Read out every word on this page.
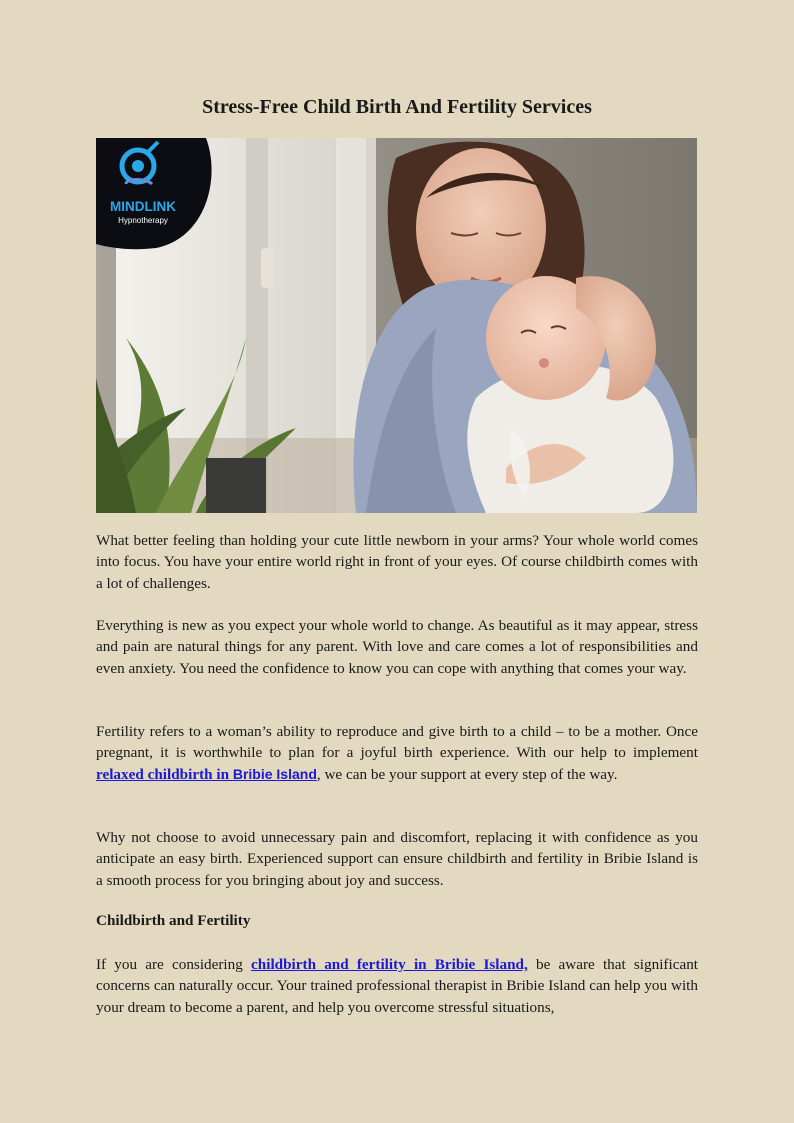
Stress-Free Child Birth And Fertility Services
MINDLINK
Hypnotherapy

What better feeling than holding your cute little newborn in your arms? Your whole world comes into focus. You have your entire world right in front of your eyes. Of course childbirth comes with a lot of challenges.

Everything is new as you expect your whole world to change. As beautiful as it may appear, stress and pain are natural things for any parent. With love and care comes a lot of responsibilities and even anxiety. You need the confidence to know you can cope with anything that comes your way.

Fertility refers to a woman’s ability to reproduce and give birth to a child – to be a mother. Once pregnant, it is worthwhile to plan for a joyful birth experience. With our help to implement relaxed childbirth in Bribie Island, we can be your support at every step of the way.

Why not choose to avoid unnecessary pain and discomfort, replacing it with confidence as you anticipate an easy birth. Experienced support can ensure childbirth and fertility in Bribie Island is a smooth process for you bringing about joy and success.

Childbirth and Fertility

If you are considering childbirth and fertility in Bribie Island, be aware that significant concerns can naturally occur. Your trained professional therapist in Bribie Island can help you with your dream to become a parent, and help you overcome stressful situations,
